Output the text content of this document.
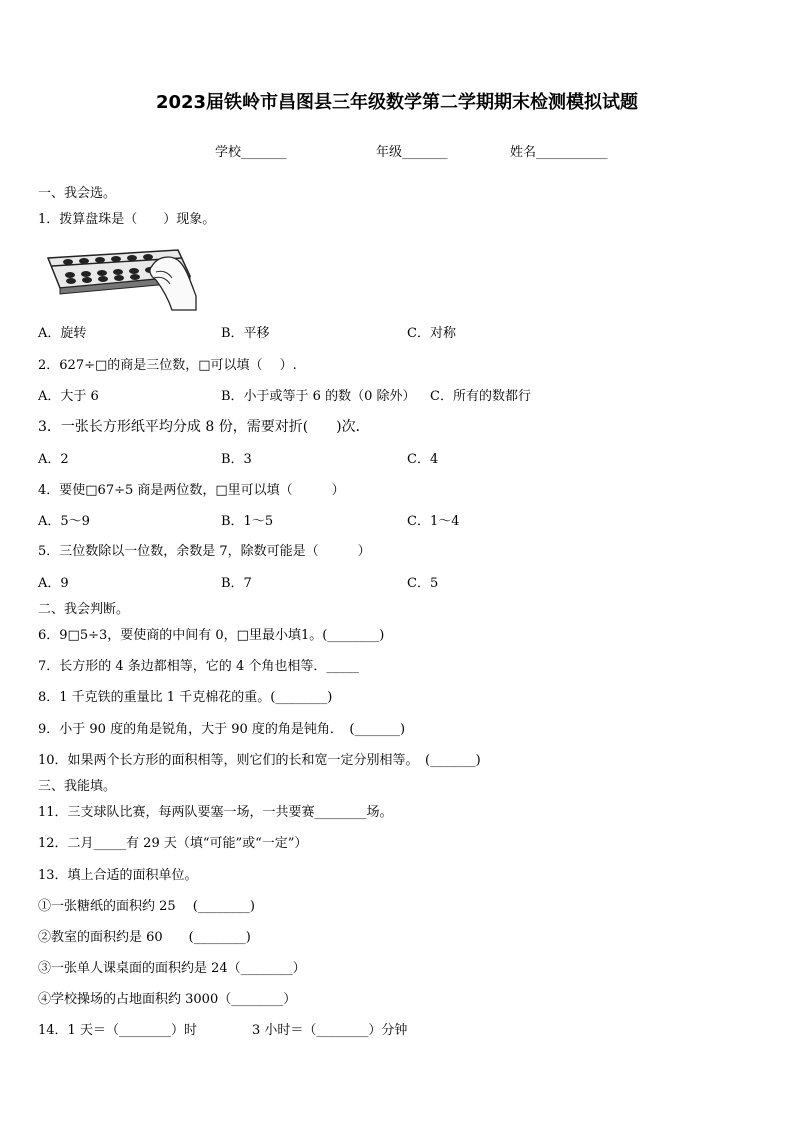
2023届铁岭市昌图县三年级数学第二学期期末检测模拟试题
学校_______	年级_______	姓名___________
一、我会选。
1．拨算盘珠是（　　）现象。
A．旋转	B．平移	C．对称
2．627÷□的商是三位数，□可以填（　 ）.
A．大于 6	B．小于或等于 6 的数（0 除外） C．所有的数都行
3．一张长方形纸平均分成 8 份，需要对折(　　)次．
A．2	B．3	C．4
4．要使□67÷5 商是两位数，□里可以填（　　　）
A．5～9	B．1～5	C．1～4
5．三位数除以一位数，余数是 7，除数可能是（　　　）
A．9	B．7	C．5
二、我会判断。
6．9□5÷3，要使商的中间有 0，□里最小填1。(________)
7．长方形的 4 条边都相等，它的 4 个角也相等．_____
8．1 千克铁的重量比 1 千克棉花的重。(________)
9．小于 90 度的角是锐角，大于 90 度的角是钝角．　(_______)
10．如果两个长方形的面积相等，则它们的长和宽一定分别相等。　(_______)
三、我能填。
11．三支球队比赛，每两队要塞一场，一共要赛________场。
12．二月_____有 29 天（填“可能”或“一定”）
13．填上合适的面积单位。
①一张糖纸的面积约 25　 (________)
②教室的面积约是 60　　(________)
③一张单人课桌面的面积约是 24（________）
④学校操场的占地面积约 3000（________）
14．1 天＝（________）时	3 小时＝（________）分钟
